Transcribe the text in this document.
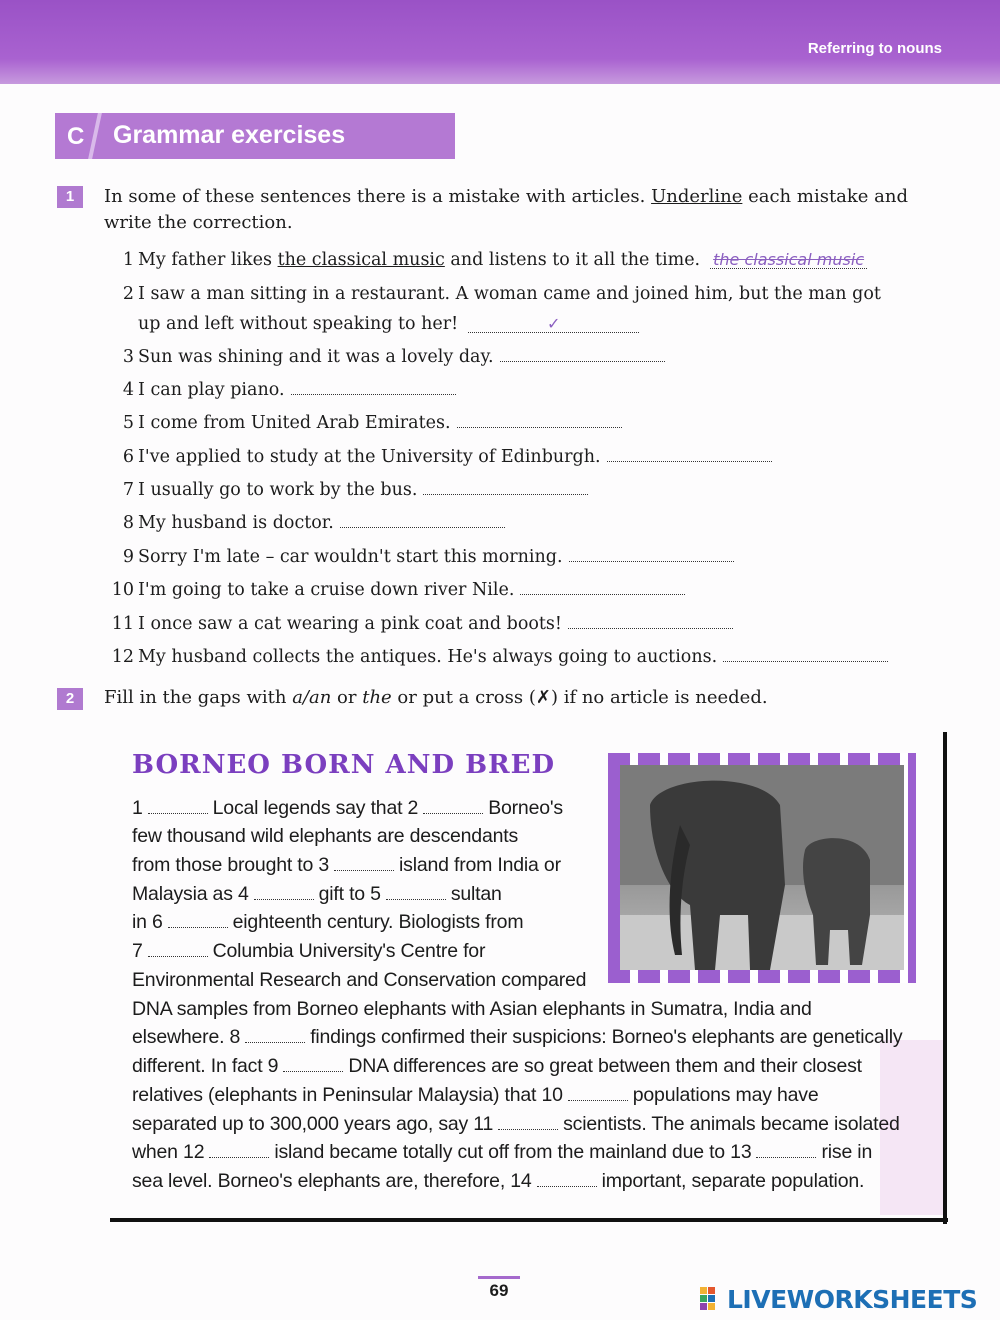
Referring to nouns
C Grammar exercises
1	In some of these sentences there is a mistake with articles. Underline each mistake and write the correction.
1 My father likes the classical music and listens to it all the time. the classical music
2 I saw a man sitting in a restaurant. A woman came and joined him, but the man got
up and left without speaking to her!	✓
3 Sun was shining and it was a lovely day.
4 I can play piano.
5 I come from United Arab Emirates.
6 I've applied to study at the University of Edinburgh.
7 I usually go to work by the bus.
8 My husband is doctor.
9 Sorry I'm late – car wouldn't start this morning.
10 I'm going to take a cruise down river Nile.
11 I once saw a cat wearing a pink coat and boots!
12 My husband collects the antiques. He's always going to auctions.
2	Fill in the gaps with a/an or the or put a cross (✗) if no article is needed.
BORNEO BORN AND BRED
1	Local legends say that 2	Borneo's
few thousand wild elephants are descendants
from those brought to 3	island from India or
Malaysia as 4	gift to 5	sultan
in 6	eighteenth century. Biologists from
7	Columbia University's Centre for
Environmental Research and Conservation compared
DNA samples from Borneo elephants with Asian elephants in Sumatra, India and
elsewhere. 8	findings confirmed their suspicions: Borneo's elephants are genetically
different. In fact 9	DNA differences are so great between them and their closest
relatives (elephants in Peninsular Malaysia) that 10	populations may have
separated up to 300,000 years ago, say 11	scientists. The animals became isolated
when 12	island became totally cut off from the mainland due to 13	rise in
sea level. Borneo's elephants are, therefore, 14	important, separate population.
69	LIVEWORKSHEETS
